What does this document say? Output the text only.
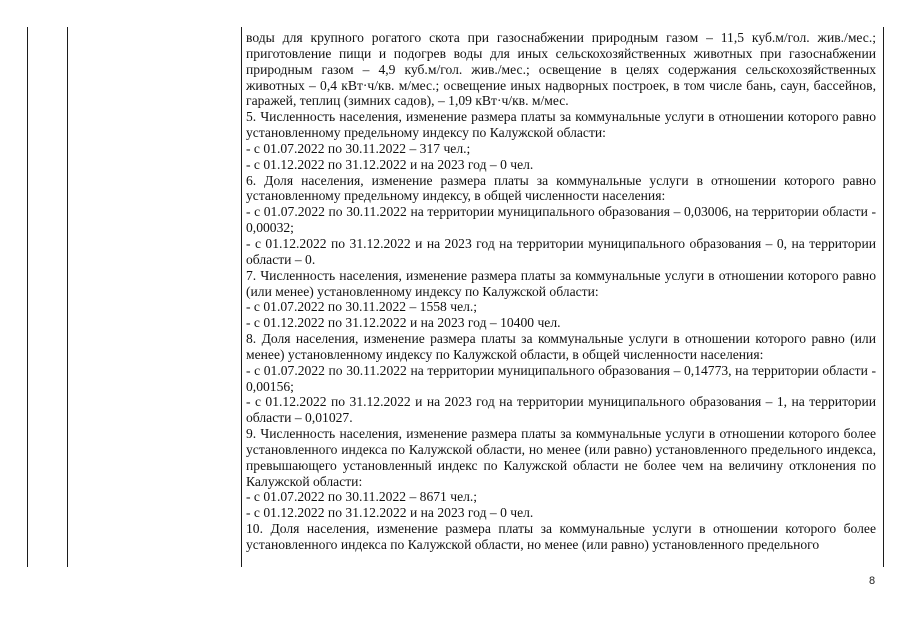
воды для крупного рогатого скота при газоснабжении природным газом – 11,5 куб.м/гол. жив./мес.; приготовление пищи и подогрев воды для иных сельскохозяйственных животных при газоснабжении природным газом – 4,9 куб.м/гол. жив./мес.; освещение в целях содержания сельскохозяйственных животных – 0,4 кВт·ч/кв. м/мес.; освещение иных надворных построек, в том числе бань, саун, бассейнов, гаражей, теплиц (зимних садов), – 1,09 кВт·ч/кв. м/мес.

5. Численность населения, изменение размера платы за коммунальные услуги в отношении которого равно установленному предельному индексу по Калужской области:

- с 01.07.2022 по 30.11.2022 – 317 чел.;

- с 01.12.2022 по 31.12.2022 и на 2023 год – 0 чел.

6. Доля населения, изменение размера платы за коммунальные услуги в отношении которого равно установленному предельному индексу, в общей численности населения:

- с 01.07.2022 по 30.11.2022 на территории муниципального образования – 0,03006, на территории области - 0,00032;

- с 01.12.2022 по 31.12.2022 и на 2023 год на территории муниципального образования – 0, на территории области – 0.

7. Численность населения, изменение размера платы за коммунальные услуги в отношении которого равно (или менее) установленному индексу по Калужской области:

- с 01.07.2022 по 30.11.2022 – 1558 чел.;

- с 01.12.2022 по 31.12.2022 и на 2023 год – 10400 чел.

8. Доля населения, изменение размера платы за коммунальные услуги в отношении которого равно (или менее) установленному индексу по Калужской области, в общей численности населения:

- с 01.07.2022 по 30.11.2022 на территории муниципального образования – 0,14773, на территории области - 0,00156;

- с 01.12.2022 по 31.12.2022 и на 2023 год на территории муниципального образования – 1, на территории области – 0,01027.

9. Численность населения, изменение размера платы за коммунальные услуги в отношении которого более установленного индекса по Калужской области, но менее (или равно) установленного предельного индекса, превышающего установленный индекс по Калужской области не более чем на величину отклонения по Калужской области:

- с 01.07.2022 по 30.11.2022 – 8671 чел.;

- с 01.12.2022 по 31.12.2022 и на 2023 год – 0 чел.

10. Доля населения, изменение размера платы за коммунальные услуги в отношении которого более установленного индекса по Калужской области, но менее (или равно) установленного предельного

8
